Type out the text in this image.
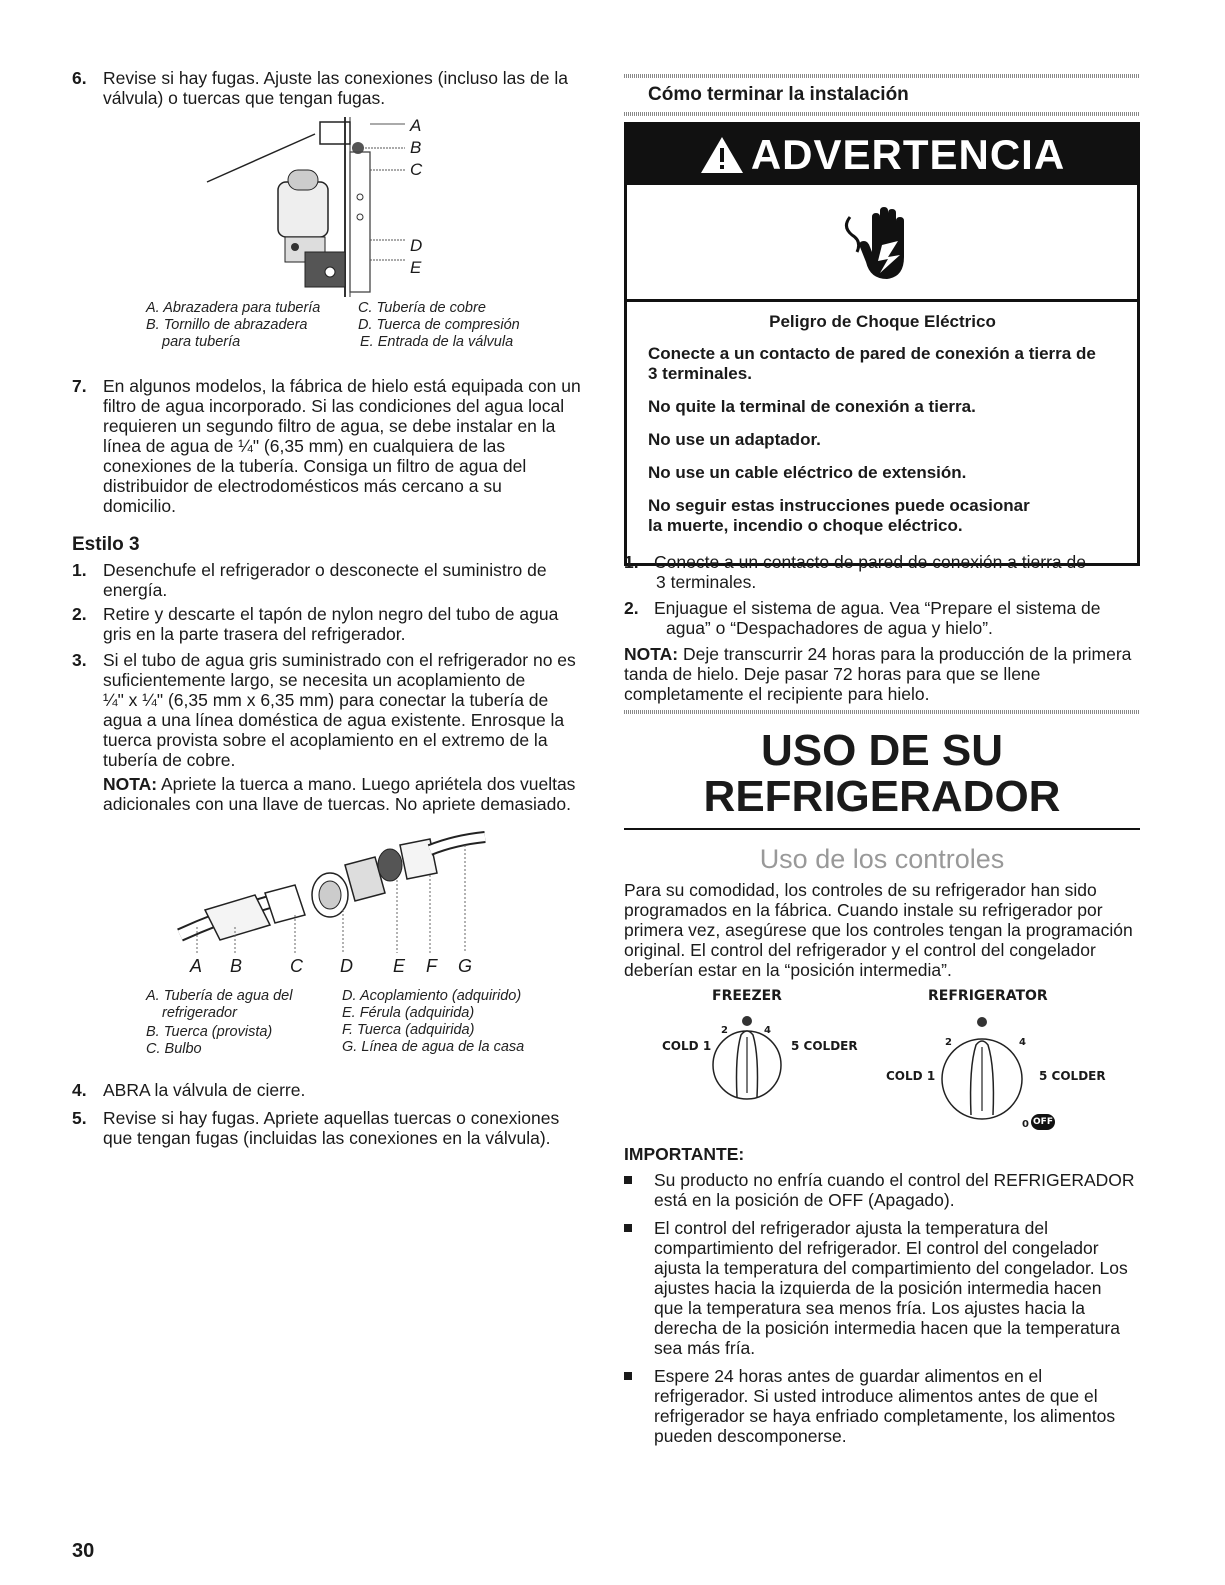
6. Revise si hay fugas. Ajuste las conexiones (incluso las de la

válvula) o tuercas que tengan fugas.

A
B
C
D
E
A. Abrazadera para tubería
B. Tornillo de abrazadera
para tubería
C. Tubería de cobre
D. Tuerca de compresión
E. Entrada de la válvula
7. En algunos modelos, la fábrica de hielo está equipada con un

filtro de agua incorporado. Si las condiciones del agua local

requieren un segundo filtro de agua, se debe instalar en la

línea de agua de ¼" (6,35 mm) en cualquiera de las

conexiones de la tubería. Consiga un filtro de agua del

distribuidor de electrodomésticos más cercano a su

domicilio.

Estilo 3
1. Desenchufe el refrigerador o desconecte el suministro de

energía.

2. Retire y descarte el tapón de nylon negro del tubo de agua

gris en la parte trasera del refrigerador.

3. Si el tubo de agua gris suministrado con el refrigerador no es

suficientemente largo, se necesita un acoplamiento de

¼" x ¼" (6,35 mm x 6,35 mm) para conectar la tubería de

agua a una línea doméstica de agua existente. Enrosque la

tuerca provista sobre el acoplamiento en el extremo de la

tubería de cobre.

NOTA: Apriete la tuerca a mano. Luego apriétela dos vueltas

adicionales con una llave de tuercas. No apriete demasiado.

A B	C D E F G
A. Tubería de agua del
refrigerador
B. Tuerca (provista)
C. Bulbo
D. Acoplamiento (adquirido)
E. Férula (adquirida)
F. Tuerca (adquirida)
G. Línea de agua de la casa
4. ABRA la válvula de cierre.

5. Revise si hay fugas. Apriete aquellas tuercas o conexiones

que tengan fugas (incluidas las conexiones en la válvula).

Cómo terminar la instalación
ADVERTENCIA
Peligro de Choque Eléctrico

Conecte a un contacto de pared de conexión a tierra de

3 terminales.

No quite la terminal de conexión a tierra.

No use un adaptador.

No use un cable eléctrico de extensión.

No seguir estas instrucciones puede ocasionar

la muerte, incendio o choque eléctrico.

1. Conecte a un contacto de pared de conexión a tierra de

3 terminales.

2. Enjuague el sistema de agua. Vea “Prepare el sistema de

agua” o “Despachadores de agua y hielo”.

NOTA: Deje transcurrir 24 horas para la producción de la primera

tanda de hielo. Deje pasar 72 horas para que se llene

completamente el recipiente para hielo.

USO DE SU
REFRIGERADOR
Uso de los controles

Para su comodidad, los controles de su refrigerador han sido

programados en la fábrica. Cuando instale su refrigerador por

primera vez, asegúrese que los controles tengan la programación

original. El control del refrigerador y el control del congelador

deberían estar en la “posición intermedia”.

FREEZER
COLD 1
2	4
5 COLDER
REFRIGERATOR
COLD 1
2	4
5 COLDER
0 OFF
IMPORTANTE:

Su producto no enfría cuando el control del REFRIGERADOR

está en la posición de OFF (Apagado).

El control del refrigerador ajusta la temperatura del

compartimiento del refrigerador. El control del congelador

ajusta la temperatura del compartimiento del congelador. Los

ajustes hacia la izquierda de la posición intermedia hacen

que la temperatura sea menos fría. Los ajustes hacia la

derecha de la posición intermedia hacen que la temperatura

sea más fría.

Espere 24 horas antes de guardar alimentos en el

refrigerador. Si usted introduce alimentos antes de que el

refrigerador se haya enfriado completamente, los alimentos

pueden descomponerse.

30
